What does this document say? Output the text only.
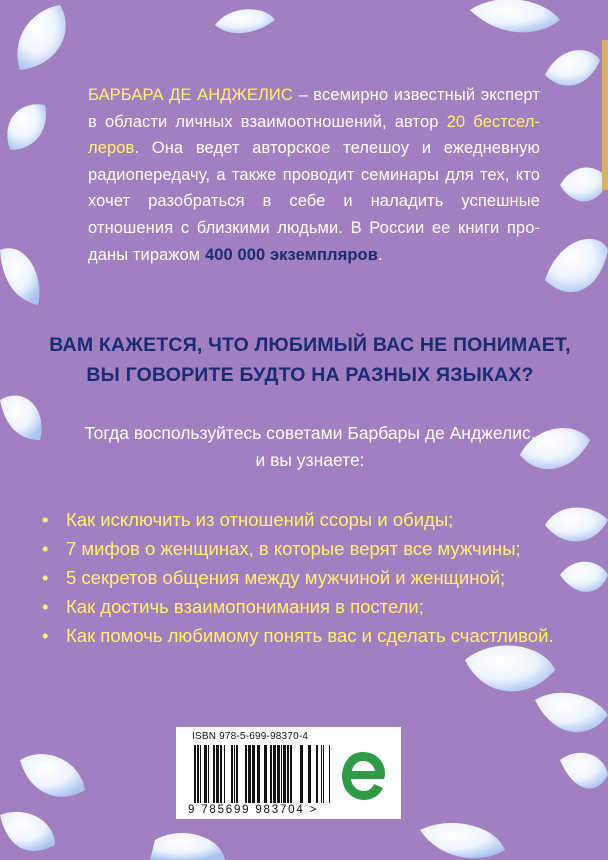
БАРБАРА ДЕ АНДЖЕЛИС – всемирно известный эксперт в области личных взаимоотношений, автор 20 бестселлеров. Она ведет авторское телешоу и ежедневную радиопередачу, а также проводит семинары для тех, кто хочет разобраться в себе и наладить успешные отношения с близкими людьми. В России ее книги проданы тиражом 400 000 экземпляров.
ВАМ КАЖЕТСЯ, ЧТО ЛЮБИМЫЙ ВАС НЕ ПОНИМАЕТ,
ВЫ ГОВОРИТЕ БУДТО НА РАЗНЫХ ЯЗЫКАХ?
Тогда воспользуйтесь советами Барбары де Анджелис,
и вы узнаете:
• Как исключить из отношений ссоры и обиды;
• 7 мифов о женщинах, в которые верят все мужчины;
• 5 секретов общения между мужчиной и женщиной;
• Как достичь взаимопонимания в постели;
• Как помочь любимому понять вас и сделать счастливой.
ISBN 978-5-699-98370-4
9 785699 983704 >
